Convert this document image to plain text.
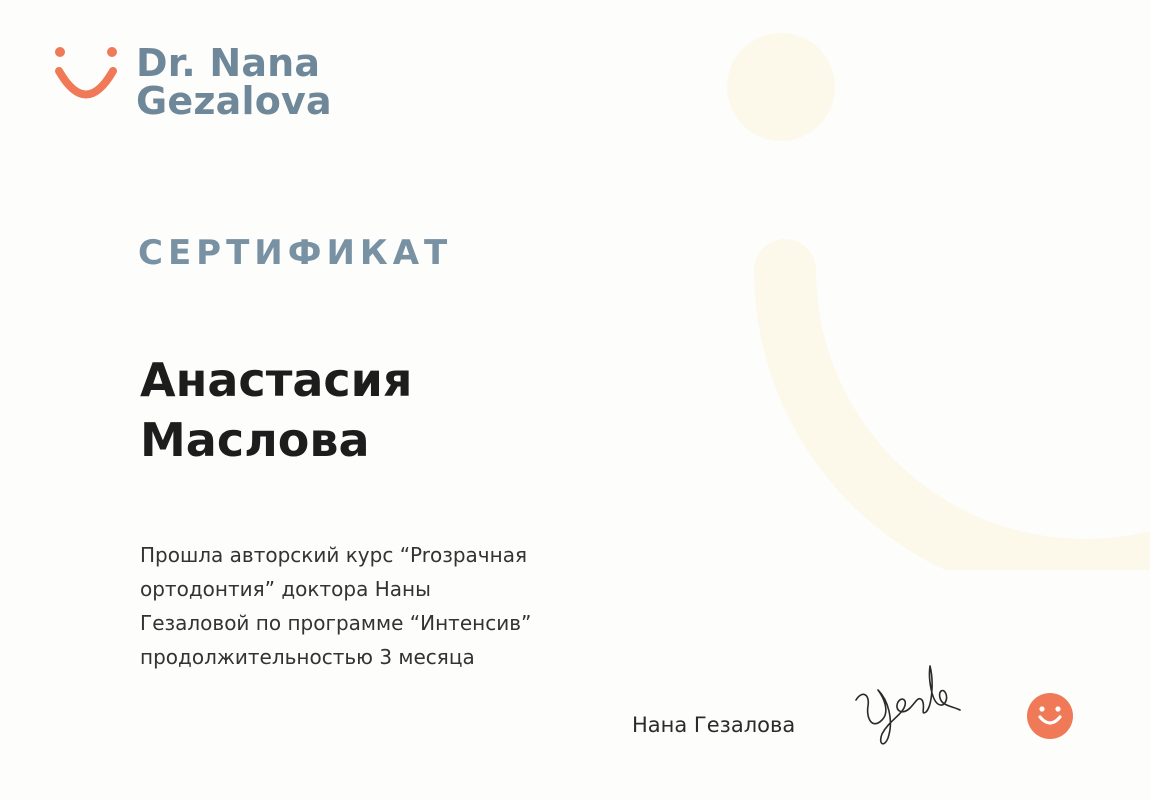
Dr. Nana
Gezalova
СЕРТИФИКАТ
Анастасия
Маслова
Прошла авторский курс “Prозрачная
ортодонтия” доктора Наны
Гезаловой по программе “Интенсив”
продолжительностью 3 месяца
Нана Гезалова
